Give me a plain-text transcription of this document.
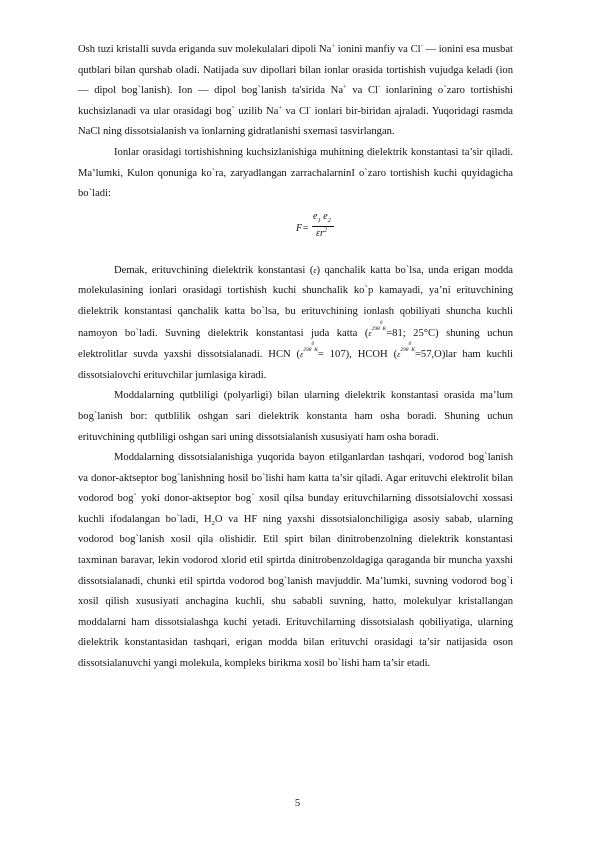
Osh tuzi kristalli suvda eriganda suv molekulalari dipoli Na+ ionini manfiy va Cl- — ionini esa musbat qutblari bilan qurshab oladi. Natijada suv dipollari bilan ionlar orasida tortishish vujudga keladi (ion— dipol bog`lanish). Ion — dipol bog`lanish ta'sirida Na+ va Cl- ionlarining o`zaro tortishishi kuchsizlanadi va ular orasidagi bog` uzilib Na+ va Cl- ionlari bir-biridan ajraladi. Yuqoridagi rasmda NaCl ning dissotsialanish va ionlarning gidratlanishi sxemasi tasvirlangan.

Ionlar orasidagi tortishishning kuchsizlanishiga muhitning dielektrik konstantasi ta’sir qiladi. Ma’lumki, Kulon qonuniga ko`ra, zaryadlangan zarrachalarninI o`zaro tortishish kuchi quyidagicha bo`ladi:

F=
$e_1$ $e_2$
$\varepsilon r^2$

Demak, erituvchining dielektrik konstantasi (ε) qanchalik katta bo`lsa, unda erigan modda molekulasining ionlari orasidagi tortishish kuchi shunchalik ko`p kamayadi, ya’ni erituvchining dielektrik konstantasi qanchalik katta bo`lsa, bu erituvchining ionlash qobiliyati shuncha kuchli namoyon bo`ladi. Suvning dielektrik konstantasi juda katta ($\varepsilon^{298^0K}=81$; 25°C) shuning uchun elektrolitlar suvda yaxshi dissotsialanadi. HCN $(\varepsilon^{298^0K}= 107)$, HCOH $(\varepsilon^{298^0K}=57,O)lar$ ham kuchli dissotsialovchi erituvchilar jumlasiga kiradi.

Moddalarning qutbliligi (polyarligi) bilan ularning dielektrik konstantasi orasida ma’lum bog`lanish bor: qutblilik oshgan sari dielektrik konstanta ham osha boradi. Shuning uchun erituvchining qutbliligi oshgan sari uning dissotsialanish xususiyati ham osha boradi.

Moddalarning dissotsialanishiga yuqorida bayon etilganlardan tashqari, vodorod bog`lanish va donor-aktseptor bog`lanishning hosil bo`lishi ham katta ta’sir qiladi. Agar erituvchi elektrolit bilan vodorod bog` yoki donor-aktseptor bog` xosil qilsa bunday erituvchilarning dissotsialovchi xossasi kuchli ifodalangan bo`ladi, $H_2O$ va HF ning yaxshi dissotsialonchiligiga asosiy sabab, ularning vodorod bog`lanish xosil qila olishidir. Etil spirt bilan dinitrobenzolning dielektrik konstantasi taxminan baravar, lekin vodorod xlorid etil spirtda dinitrobenzoldagiga qaraganda bir muncha yaxshi dissotsialanadi, chunki etil spirtda vodorod bog`lanish mavjuddir. Ma’lumki, suvning vodorod bog`i xosil qilish xususiyati anchagina kuchli, shu sababli suvning, hatto, molekulyar kristallangan moddalarni ham dissotsialashga kuchi yetadi. Erituvchilarning dissotsialash qobiliyatiga, ularning dielektrik konstantasidan tashqari, erigan modda bilan erituvchi orasidagi ta’sir natijasida oson dissotsialanuvchi yangi molekula, kompleks birikma xosil bo`lishi ham ta’sir etadi.

5
